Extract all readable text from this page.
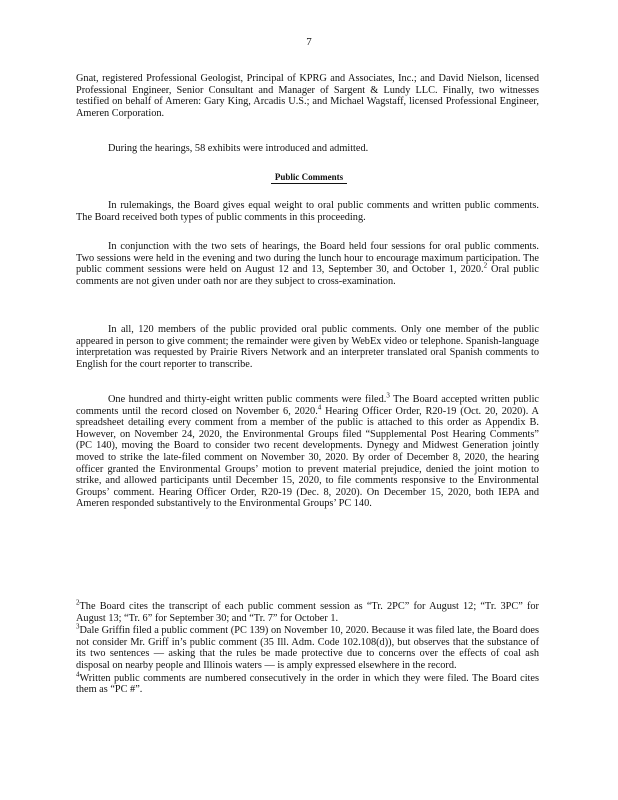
7

Gnat, registered Professional Geologist, Principal of KPRG and Associates, Inc.; and David Nielson, licensed Professional Engineer, Senior Consultant and Manager of Sargent & Lundy LLC. Finally, two witnesses testified on behalf of Ameren: Gary King, Arcadis U.S.; and Michael Wagstaff, licensed Professional Engineer, Ameren Corporation.

During the hearings, 58 exhibits were introduced and admitted.

Public Comments

In rulemakings, the Board gives equal weight to oral public comments and written public comments. The Board received both types of public comments in this proceeding.

In conjunction with the two sets of hearings, the Board held four sessions for oral public comments. Two sessions were held in the evening and two during the lunch hour to encourage maximum participation. The public comment sessions were held on August 12 and 13, September 30, and October 1, 2020.$^2$ Oral public comments are not given under oath nor are they subject to cross-examination.

In all, 120 members of the public provided oral public comments. Only one member of the public appeared in person to give comment; the remainder were given by WebEx video or telephone. Spanish-language interpretation was requested by Prairie Rivers Network and an interpreter translated oral Spanish comments to English for the court reporter to transcribe.

One hundred and thirty-eight written public comments were filed.$^3$ The Board accepted written public comments until the record closed on November 6, 2020.$^4$ Hearing Officer Order, R20-19 (Oct. 20, 2020). A spreadsheet detailing every comment from a member of the public is attached to this order as Appendix B. However, on November 24, 2020, the Environmental Groups filed “Supplemental Post Hearing Comments” (PC 140), moving the Board to consider two recent developments. Dynegy and Midwest Generation jointly moved to strike the late-filed comment on November 30, 2020. By order of December 8, 2020, the hearing officer granted the Environmental Groups’ motion to prevent material prejudice, denied the joint motion to strike, and allowed participants until December 15, 2020, to file comments responsive to the Environmental Groups’ comment. Hearing Officer Order, R20-19 (Dec. 8, 2020). On December 15, 2020, both IEPA and Ameren responded substantively to the Environmental Groups’ PC 140.

$^2$The Board cites the transcript of each public comment session as “Tr. 2PC” for August 12; “Tr. 3PC” for August 13; “Tr. 6” for September 30; and “Tr. 7” for October 1.

$^3$Dale Griffin filed a public comment (PC 139) on November 10, 2020. Because it was filed late, the Board does not consider Mr. Griff in’s public comment (35 Ill. Adm. Code 102.108(d)), but observes that the substance of its two sentences — asking that the rules be made protective due to concerns over the effects of coal ash disposal on nearby people and Illinois waters — is amply expressed elsewhere in the record.

$^4$Written public comments are numbered consecutively in the order in which they were filed. The Board cites them as “PC #”.
